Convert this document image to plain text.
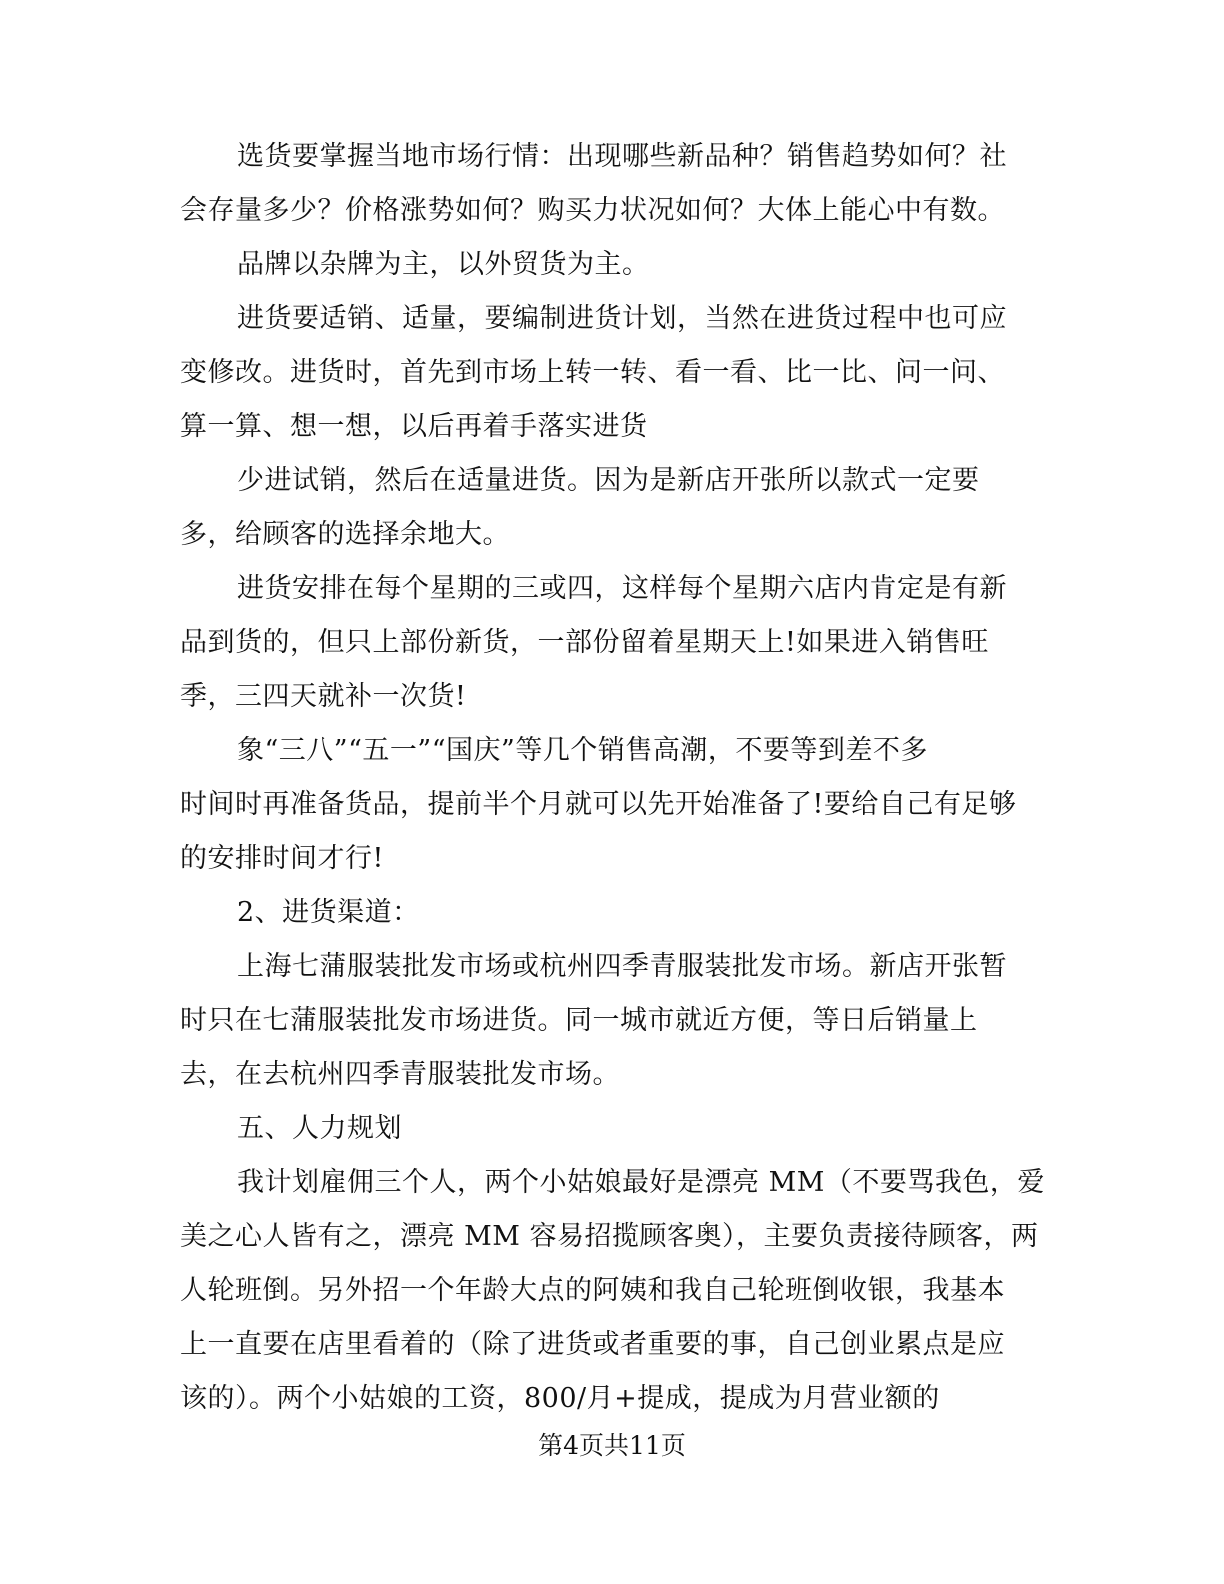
选货要掌握当地市场行情：出现哪些新品种？销售趋势如何？社
会存量多少？价格涨势如何？购买力状况如何？大体上能心中有数。

品牌以杂牌为主，以外贸货为主。

进货要适销、适量，要编制进货计划，当然在进货过程中也可应
变修改。进货时，首先到市场上转一转、看一看、比一比、问一问、
算一算、想一想，以后再着手落实进货

少进试销，然后在适量进货。因为是新店开张所以款式一定要
多，给顾客的选择余地大。

进货安排在每个星期的三或四，这样每个星期六店内肯定是有新
品到货的，但只上部份新货，一部份留着星期天上!如果进入销售旺
季，三四天就补一次货!

象“三八”“五一”“国庆”等几个销售高潮，不要等到差不多
时间时再准备货品，提前半个月就可以先开始准备了!要给自己有足够
的安排时间才行!

2、进货渠道：

上海七蒲服装批发市场或杭州四季青服装批发市场。新店开张暂
时只在七蒲服装批发市场进货。同一城市就近方便，等日后销量上
去，在去杭州四季青服装批发市场。

五、人力规划

我计划雇佣三个人，两个小姑娘最好是漂亮 MM（不要骂我色，爱
美之心人皆有之，漂亮 MM 容易招揽顾客奥），主要负责接待顾客，两
人轮班倒。另外招一个年龄大点的阿姨和我自己轮班倒收银，我基本
上一直要在店里看着的（除了进货或者重要的事，自己创业累点是应
该的）。两个小姑娘的工资，800/月+提成，提成为月营业额的

第4页共11页
